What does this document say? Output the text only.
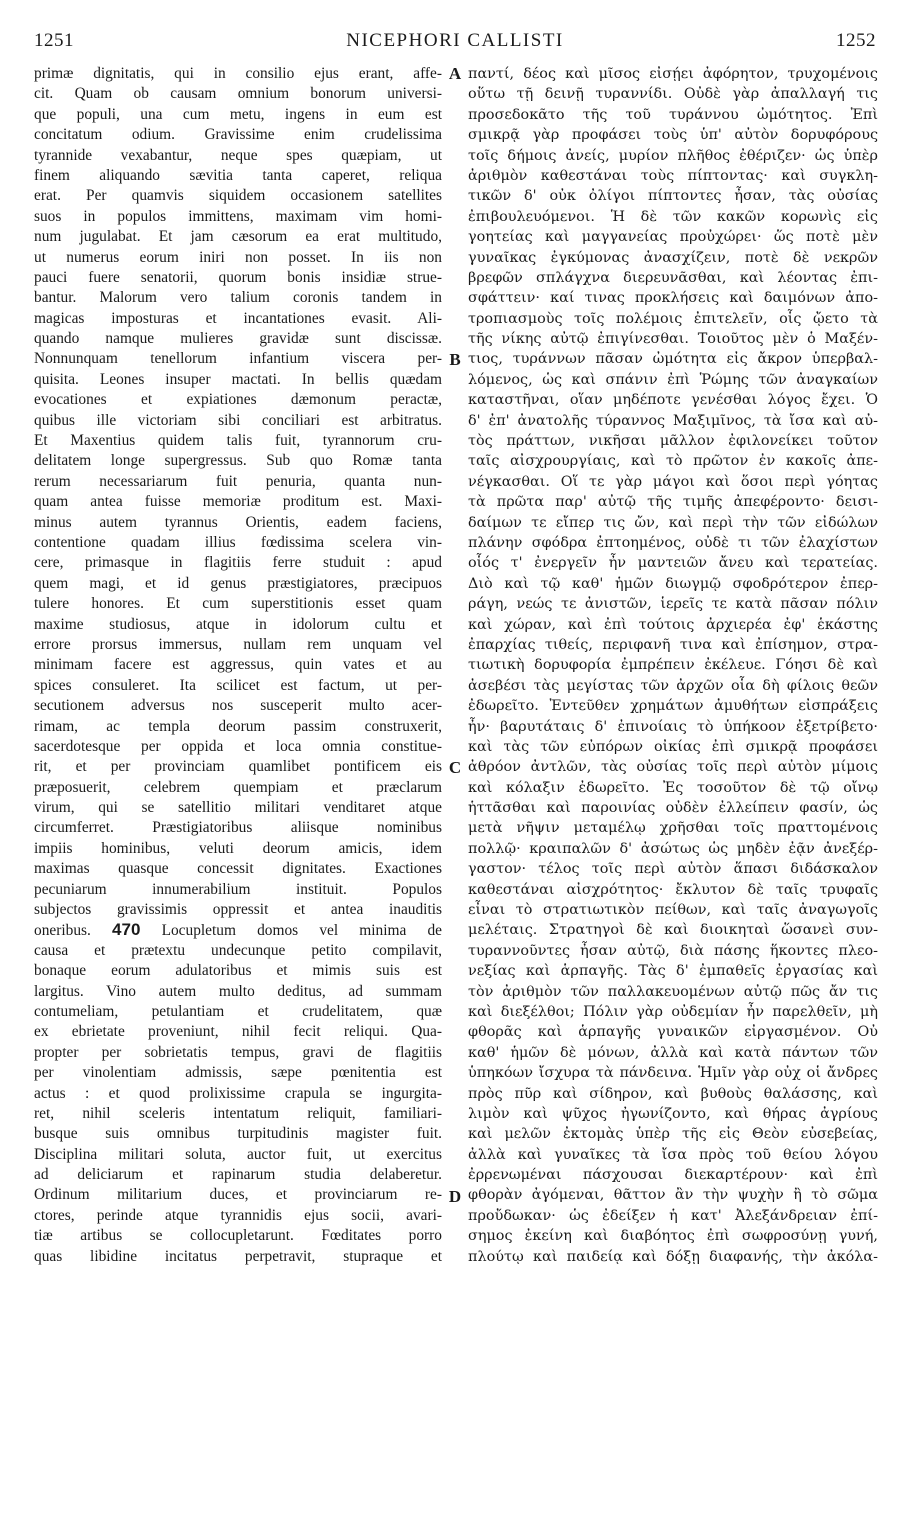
1251	NICEPHORI CALLISTI	1252
primæ dignitatis, qui in consilio ejus erant, affe-
cit. Quam ob causam omnium bonorum universi-
que populi, una cum metu, ingens in eum est
concitatum odium. Gravissime enim crudelissima
tyrannide vexabantur, neque spes quæpiam, ut
finem aliquando sævitia tanta caperet, reliqua
erat. Per quamvis siquidem occasionem satellites
suos in populos immittens, maximam vim homi-
num jugulabat. Et jam cæsorum ea erat multitudo,
ut numerus eorum iniri non posset. In iis non
pauci fuere senatorii, quorum bonis insidiæ strue-
bantur. Malorum vero talium coronis tandem in
magicas imposturas et incantationes evasit. Ali-
quando namque mulieres gravidæ sunt discissæ.
Nonnunquam tenellorum infantium viscera per-
quisita. Leones insuper mactati. In bellis quædam
evocationes et expiationes dæmonum peractæ,
quibus ille victoriam sibi conciliari est arbitratus.
Et Maxentius quidem talis fuit, tyrannorum cru-
delitatem longe supergressus. Sub quo Romæ tanta
rerum necessariarum fuit penuria, quanta nun-
quam antea fuisse memoriæ proditum est. Maxi-
minus autem tyrannus Orientis, eadem faciens,
contentione quadam illius fœdissima scelera vin-
cere, primasque in flagitiis ferre studuit : apud
quem magi, et id genus præstigiatores, præcipuos
tulere honores. Et cum superstitionis esset quam
maxime studiosus, atque in idolorum cultu et
errore prorsus immersus, nullam rem unquam vel
minimam facere est aggressus, quin vates et au
spices consuleret. Ita scilicet est factum, ut per-
secutionem adversus nos susceperit multo acer-
rimam, ac templa deorum passim construxerit,
sacerdotesque per oppida et loca omnia constitue-
rit, et per provinciam quamlibet pontificem eis
præposuerit, celebrem quempiam et præclarum
virum, qui se satellitio militari venditaret atque
circumferret. Præstigiatoribus aliisque nominibus
impiis hominibus, veluti deorum amicis, idem
maximas quasque concessit dignitates. Exactiones
pecuniarum innumerabilium instituit. Populos
subjectos gravissimis oppressit et antea inauditis
oneribus. 470 Locupletum domos vel minima de
causa et prætextu undecunque petito compilavit,
bonaque eorum adulatoribus et mimis suis est
largitus. Vino autem multo deditus, ad summam
contumeliam, petulantiam et crudelitatem, quæ
ex ebrietate proveniunt, nihil fecit reliqui. Qua-
propter per sobrietatis tempus, gravi de flagitiis
per vinolentiam admissis, sæpe pœnitentia est
actus : et quod prolixissime crapula se ingurgita-
ret, nihil sceleris intentatum reliquit, familiari-
busque suis omnibus turpitudinis magister fuit.
Disciplina militari soluta, auctor fuit, ut exercitus
ad deliciarum et rapinarum studia delaberetur.
Ordinum militarium duces, et provinciarum re-
ctores, perinde atque tyrannidis ejus socii, avari-
tiæ artibus se collocupletarunt. Fœditates porro
quas libidine incitatus perpetravit, stuprаque et
A
B
C
D
παντί, δέος καὶ μῖσος εἰσῄει ἀφόρητον, τρυχομένοις
οὕτω τῇ δεινῇ τυραννίδι. Οὐδὲ γὰρ ἀπαλλαγή τις
προσεδοκᾶτο τῆς τοῦ τυράννου ὠμότητος. Ἐπὶ
σμικρᾷ γὰρ προφάσει τοὺς ὑπ' αὐτὸν δορυφόρους
τοῖς δήμοις ἀνείς, μυρίον πλῆθος ἐθέριζεν· ὡς ὑπὲρ
ἀριθμὸν καθεστάναι τοὺς πίπτοντας· καὶ συγκλη-
τικῶν δ' οὐκ ὀλίγοι πίπτοντες ἦσαν, τὰς οὐσίας
ἐπιβουλευόμενοι. Ἡ δὲ τῶν κακῶν κορωνὶς εἰς
γοητείας καὶ μαγγανείας προὐχώρει· ὥς ποτὲ μὲν
γυναῖκας ἐγκύμονας ἀνασχίζειν, ποτὲ δὲ νεκρῶν
βρεφῶν σπλάγχνα διερευνᾶσθαι, καὶ λέοντας ἐπι-
σφάττειν· καί τινας προκλήσεις καὶ δαιμόνων ἀπο-
τροπιασμοὺς τοῖς πολέμοις ἐπιτελεῖν, οἷς ᾤετο τὰ
τῆς νίκης αὐτῷ ἐπιγίνεσθαι. Τοιοῦτος μὲν ὁ Μαξέν-
τιος, τυράννων πᾶσαν ὠμότητα εἰς ἄκρον ὑπερβαλ-
λόμενος, ὡς καὶ σπάνιν ἐπὶ Ῥώμης τῶν ἀναγκαίων
καταστῆναι, οἵαν μηδέποτε γενέσθαι λόγος ἔχει. Ὁ
δ' ἐπ' ἀνατολῆς τύραννος Μαξιμῖνος, τὰ ἴσα καὶ αὐ-
τὸς πράττων, νικῆσαι μᾶλλον ἐφιλονείκει τοῦτον
ταῖς αἰσχρουργίαις, καὶ τὸ πρῶτον ἐν κακοῖς ἀπε-
νέγκασθαι. Οἵ τε γὰρ μάγοι καὶ ὅσοι περὶ γόητας
τὰ πρῶτα παρ' αὐτῷ τῆς τιμῆς ἀπεφέροντο· δεισι-
δαίμων τε εἴπερ τις ὤν, καὶ περὶ τὴν τῶν εἰδώλων
πλάνην σφόδρα ἐπτοημένος, οὐδὲ τι τῶν ἐλαχίστων
οἷός τ' ἐνεργεῖν ἦν μαντειῶν ἄνευ καὶ τερατείας.
Διὸ καὶ τῷ καθ' ἡμῶν διωγμῷ σφοδρότερον ἐπερ-
ράγη, νεώς τε ἀνιστῶν, ἱερεῖς τε κατὰ πᾶσαν πόλιν
καὶ χώραν, καὶ ἐπὶ τούτοις ἀρχιερέα ἐφ' ἑκάστης
ἐπαρχίας τιθείς, περιφανῆ τινα καὶ ἐπίσημον, στρα-
τιωτικὴ δορυφορία ἐμπρέπειν ἐκέλευε. Γόησι δὲ καὶ
ἀσεβέσι τὰς μεγίστας τῶν ἀρχῶν οἷα δὴ φίλοις θεῶν
ἐδωρεῖτο. Ἐντεῦθεν χρημάτων ἀμυθήτων εἰσπράξεις
ἦν· βαρυτάταις δ' ἐπινοίαις τὸ ὑπήκοον ἐξετρίβετο·
καὶ τὰς τῶν εὐπόρων οἰκίας ἐπὶ σμικρᾷ προφάσει
ἀθρόον ἀντλῶν, τὰς οὐσίας τοῖς περὶ αὐτὸν μίμοις
καὶ κόλαξιν ἐδωρεῖτο. Ἐς τοσοῦτον δὲ τῷ οἴνῳ
ἡττᾶσθαι καὶ παροινίας οὐδὲν ἐλλείπειν φασίν, ὡς
μετὰ νῆψιν μεταμέλῳ χρῆσθαι τοῖς πραττομένοις
πολλῷ· κραιπαλῶν δ' ἀσώτως ὡς μηδὲν ἐᾷν ἀνεξέρ-
γαστον· τέλος τοῖς περὶ αὐτὸν ἅπασι διδάσκαλον
καθεστάναι αἰσχρότητος· ἔκλυτον δὲ ταῖς τρυφαῖς
εἶναι τὸ στρατιωτικὸν πείθων, καὶ ταῖς ἀναγωγοῖς
μελέταις. Στρατηγοὶ δὲ καὶ διοικηταὶ ὥσανεὶ συν-
τυραννοῦντες ἦσαν αὐτῷ, διὰ πάσης ἥκοντες πλεο-
νεξίας καὶ ἁρπαγῆς. Τὰς δ' ἐμπαθεῖς ἐργασίας καὶ
τὸν ἀριθμὸν τῶν παλλακευομένων αὐτῷ πῶς ἄν τις
καὶ διεξέλθοι; Πόλιν γὰρ οὐδεμίαν ἦν παρελθεῖν, μὴ
φθορᾶς καὶ ἁρπαγῆς γυναικῶν εἰργασμένον. Οὐ
καθ' ἡμῶν δὲ μόνων, ἀλλὰ καὶ κατὰ πάντων τῶν
ὑπηκόων ἴσχυρα τὰ πάνδεινα. Ἡμῖν γὰρ οὐχ οἱ ἄνδρες
πρὸς πῦρ καὶ σίδηρον, καὶ βυθοὺς θαλάσσης, καὶ
λιμὸν καὶ ψῦχος ἠγωνίζοντο, καὶ θήρας ἀγρίους
καὶ μελῶν ἐκτομὰς ὑπὲρ τῆς εἰς Θεὸν εὐσεβείας,
ἀλλὰ καὶ γυναῖκες τὰ ἴσα πρὸς τοῦ θείου λόγου
ἐρρενωμέναι πάσχουσαι διεκαρτέρουν· καὶ ἐπὶ
φθορὰν ἀγόμεναι, θᾶττον ἂν τὴν ψυχὴν ἢ τὸ σῶμα
προὔδωκαν· ὡς ἐδείξεν ἡ κατ' Ἀλεξάνδρειαν ἐπί-
σημος ἐκείνη καὶ διαβόητος ἐπὶ σωφροσύνῃ γυνή,
πλούτῳ καὶ παιδείᾳ καὶ δόξῃ διαφανής, τὴν ἀκόλα-
